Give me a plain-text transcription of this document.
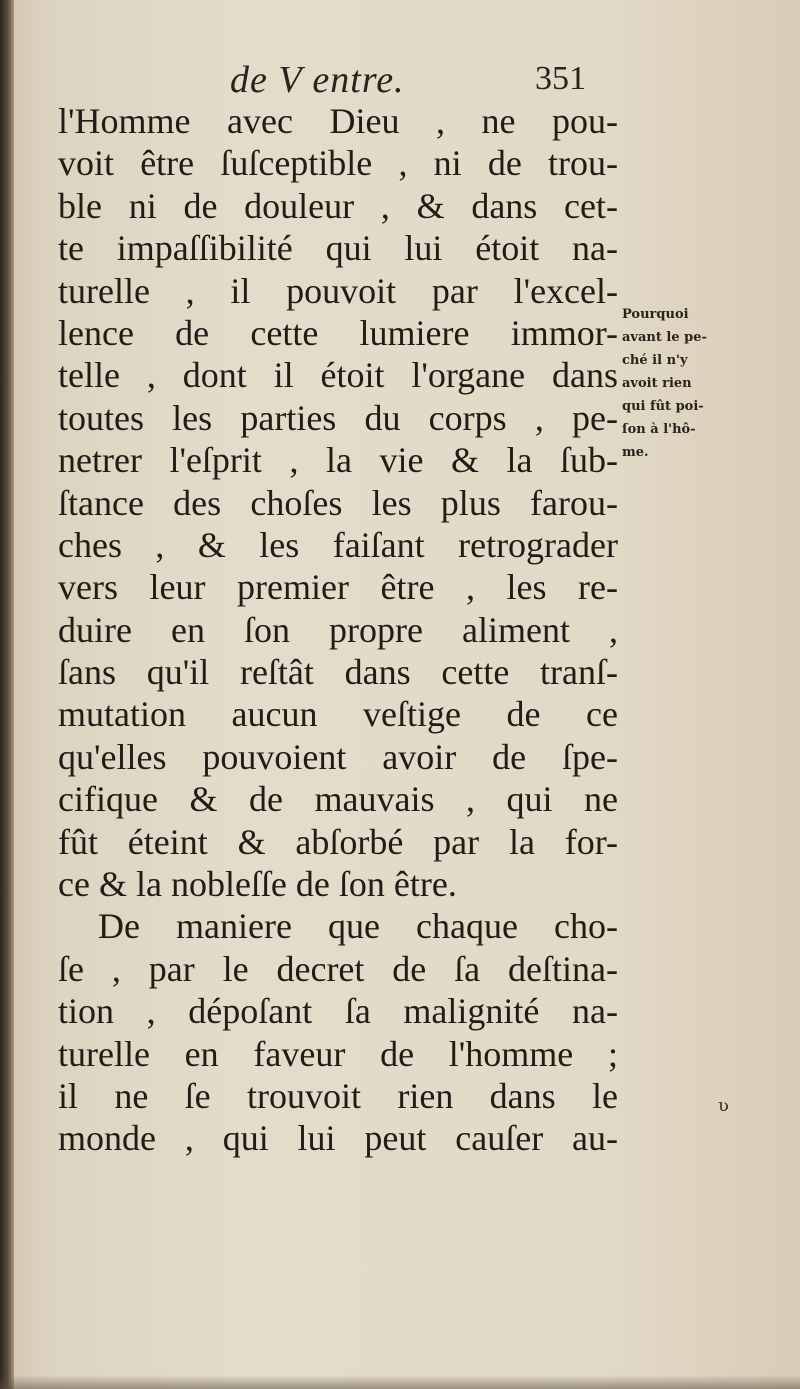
de V entre.	351
l'Homme avec Dieu , ne pou-
voit être ſuſceptible , ni de trou-
ble ni de douleur , & dans cet-
te impaſſibilité qui lui étoit na-
turelle , il pouvoit par l'excel-
lence de cette lumiere immor-
telle , dont il étoit l'organe dans
toutes les parties du corps , pe-
netrer l'eſprit , la vie & la ſub-
ſtance des choſes les plus farou-
ches , & les faiſant retrograder
vers leur premier être , les re-
duire en ſon propre aliment ,
ſans qu'il reſtât dans cette tranſ-
mutation aucun veſtige de ce
qu'elles pouvoient avoir de ſpe-
cifique & de mauvais , qui ne
fût éteint & abſorbé par la for-
ce & la nobleſſe de ſon être.
De maniere que chaque cho-
ſe , par le decret de ſa deſtina-
tion , dépoſant ſa malignité na-
turelle en faveur de l'homme ;
il ne ſe trouvoit rien dans le
monde , qui lui peut cauſer au-
Pourquoi
avant le pe-
ché il n'y
avoit rien
qui fût poi-
ſon à l'hô-
me.
ʋ
